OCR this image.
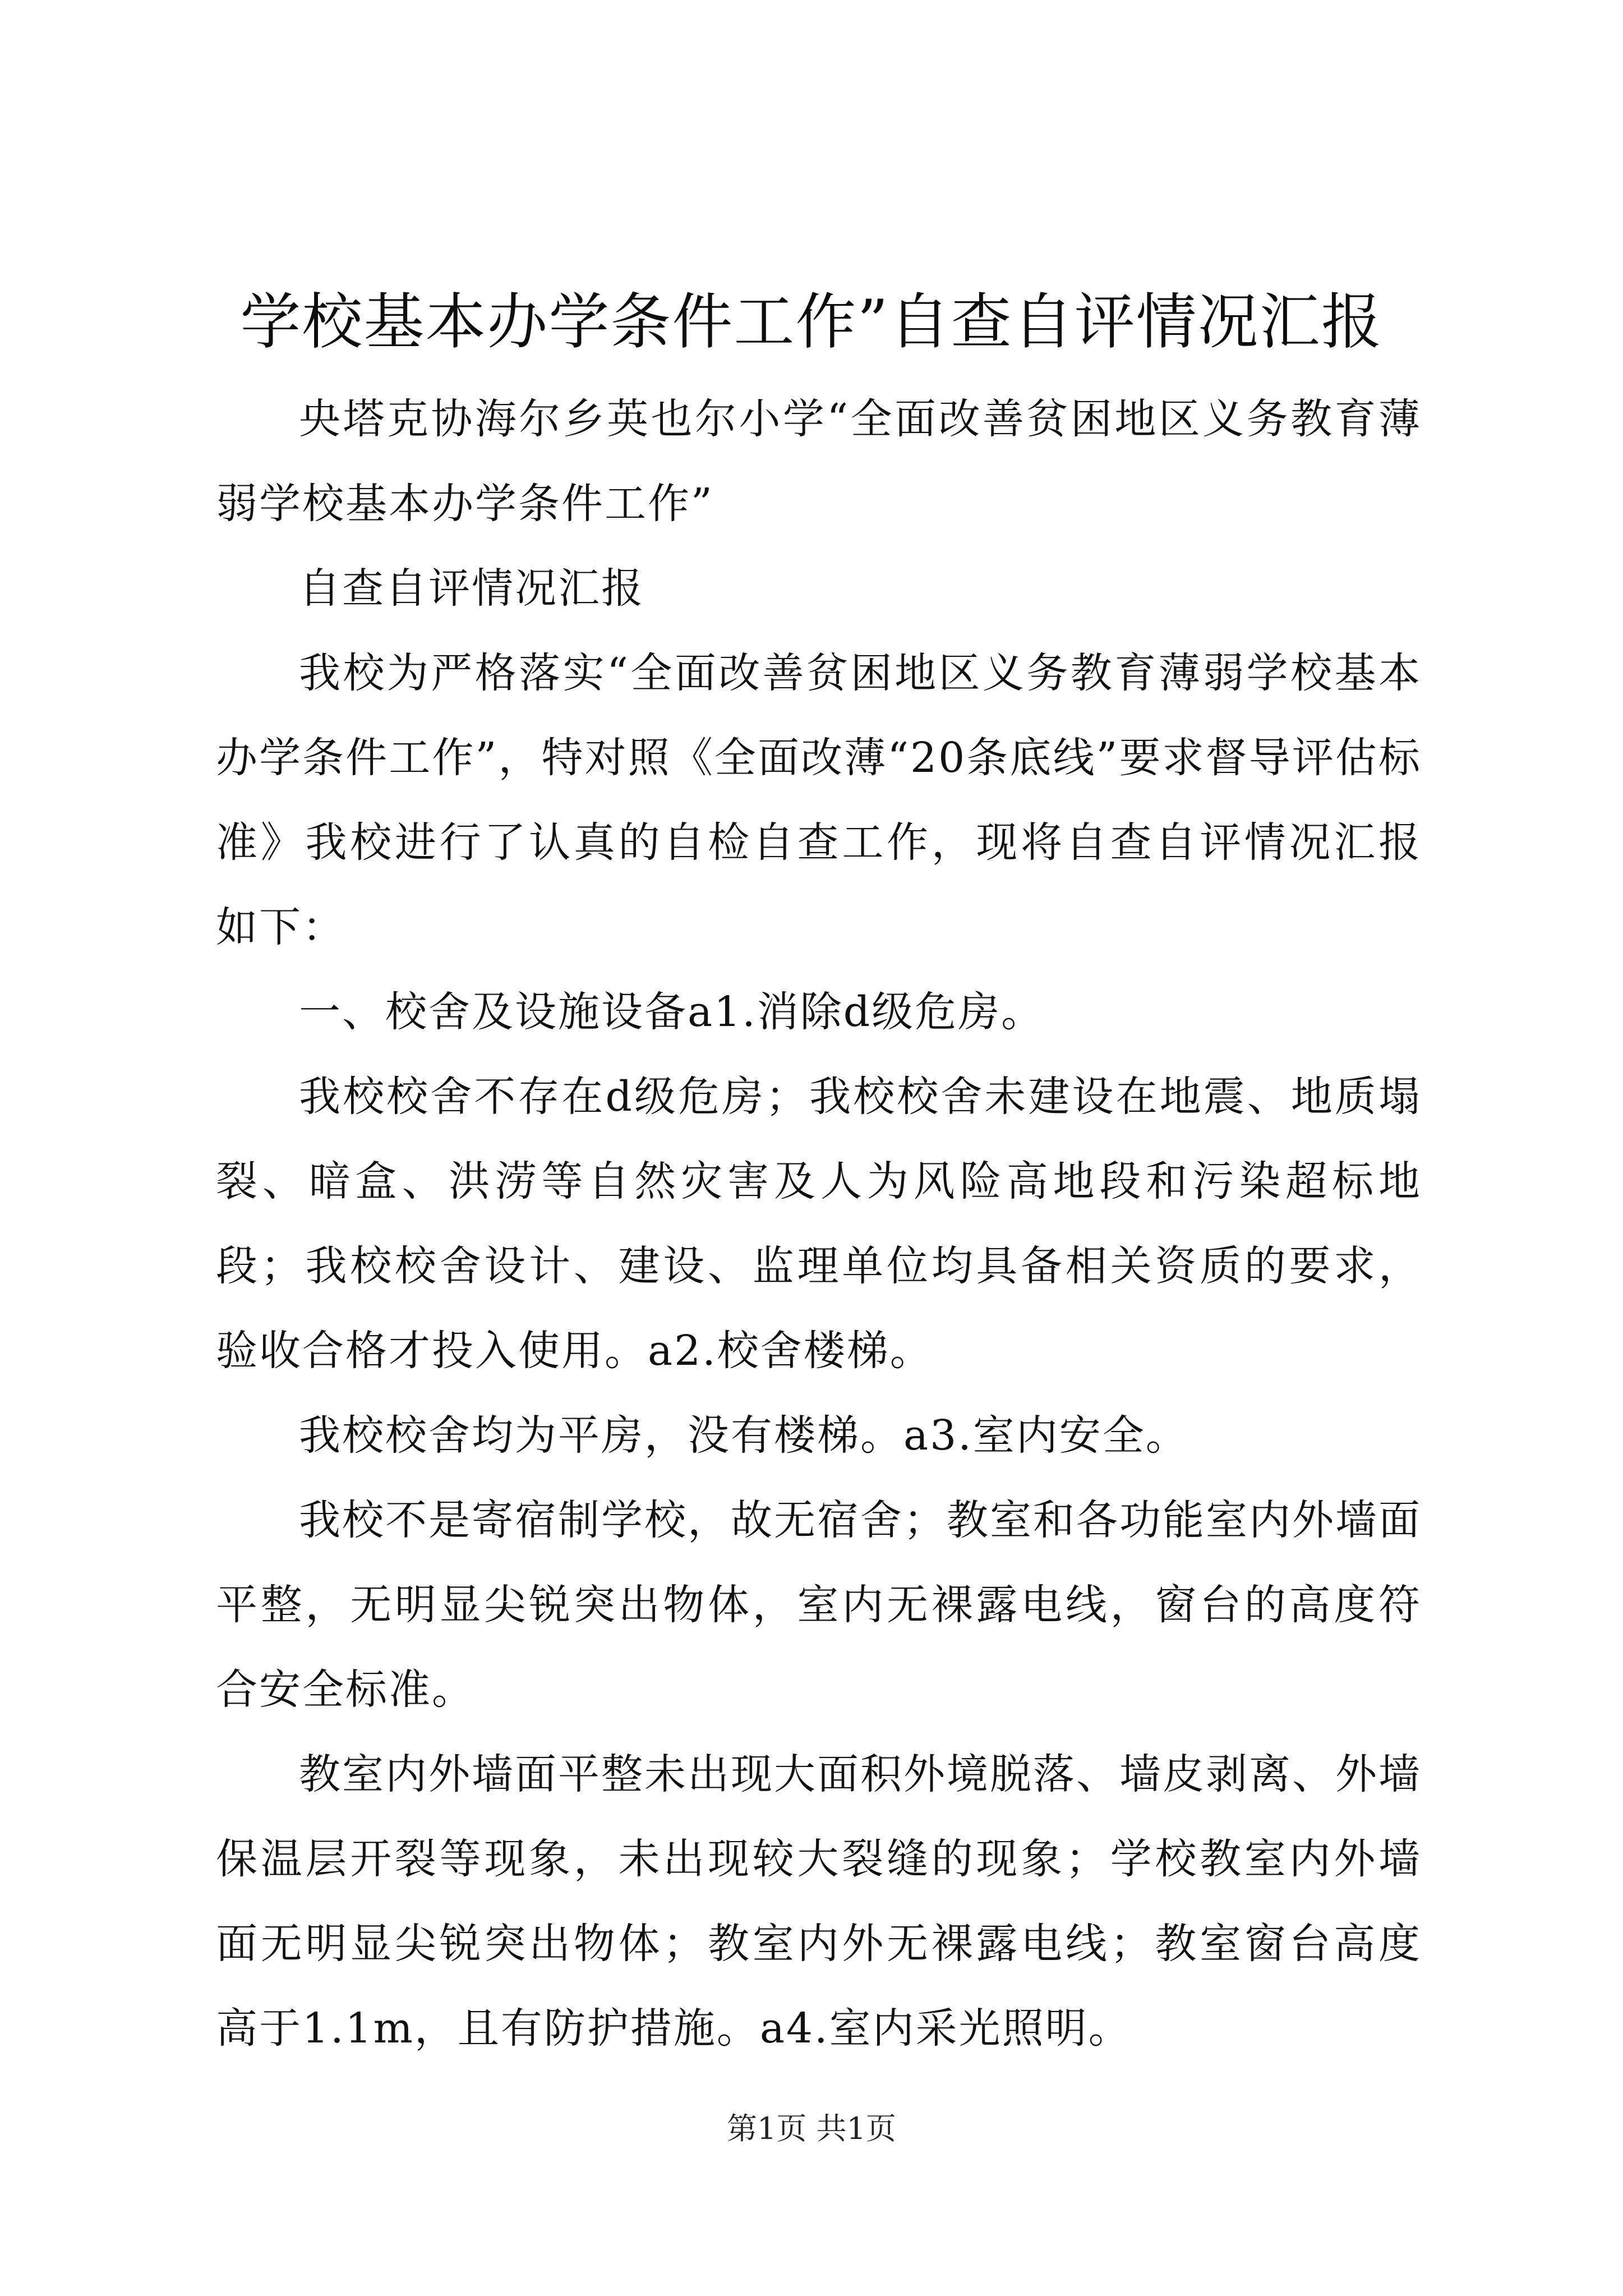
学校基本办学条件工作”自查自评情况汇报

央塔克协海尔乡英也尔小学“全面改善贫困地区义务教育薄弱学校基本办学条件工作”

自查自评情况汇报

我校为严格落实“全面改善贫困地区义务教育薄弱学校基本办学条件工作”，特对照《全面改薄“20条底线”要求督导评估标准》我校进行了认真的自检自查工作，现将自查自评情况汇报如下：

一、校舍及设施设备a1.消除d级危房。

我校校舍不存在d级危房；我校校舍未建设在地震、地质塌裂、暗盒、洪涝等自然灾害及人为风险高地段和污染超标地段；我校校舍设计、建设、监理单位均具备相关资质的要求，验收合格才投入使用。a2.校舍楼梯。

我校校舍均为平房，没有楼梯。a3.室内安全。

我校不是寄宿制学校，故无宿舍；教室和各功能室内外墙面平整，无明显尖锐突出物体，室内无裸露电线，窗台的高度符合安全标准。

教室内外墙面平整未出现大面积外境脱落、墙皮剥离、外墙保温层开裂等现象，未出现较大裂缝的现象；学校教室内外墙面无明显尖锐突出物体；教室内外无裸露电线；教室窗台高度高于1.1m，且有防护措施。a4.室内采光照明。

第1页 共1页
